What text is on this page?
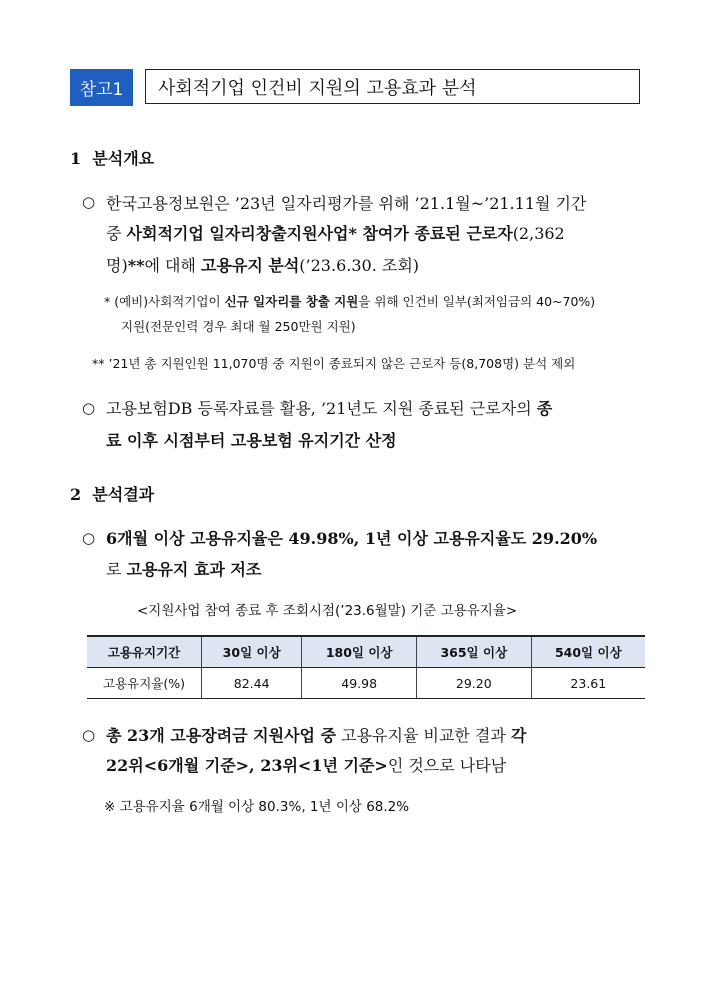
참고1	사회적기업 인건비 지원의 고용효과 분석
1 분석개요
○ 한국고용정보원은 ’23년 일자리평가를 위해 ’21.1월~’21.11월 기간
중 사회적기업 일자리창출지원사업* 참여가 종료된 근로자(2,362
명)**에 대해 고용유지 분석(’23.6.30. 조회)
* (예비)사회적기업이 신규 일자리를 창출 지원을 위해 인건비 일부(최저임금의 40~70%)
지원(전문인력 경우 최대 월 250만원 지원)
** ’21년 총 지원인원 11,070명 중 지원이 종료되지 않은 근로자 등(8,708명) 분석 제외
○ 고용보험DB 등록자료를 활용, ’21년도 지원 종료된 근로자의 종
료 이후 시점부터 고용보험 유지기간 산정
2 분석결과
○ 6개월 이상 고용유지율은 49.98%, 1년 이상 고용유지율도 29.20%
로 고용유지 효과 저조
<지원사업 참여 종료 후 조회시점(’23.6월말) 기준 고용유지율>
고용유지기간	30일 이상	180일 이상	365일 이상	540일 이상
고용유지율(%)	82.44	49.98	29.20	23.61
○ 총 23개 고용장려금 지원사업 중 고용유지율 비교한 결과 각
22위<6개월 기준>, 23위<1년 기준>인 것으로 나타남
※ 고용유지율 6개월 이상 80.3%, 1년 이상 68.2%
